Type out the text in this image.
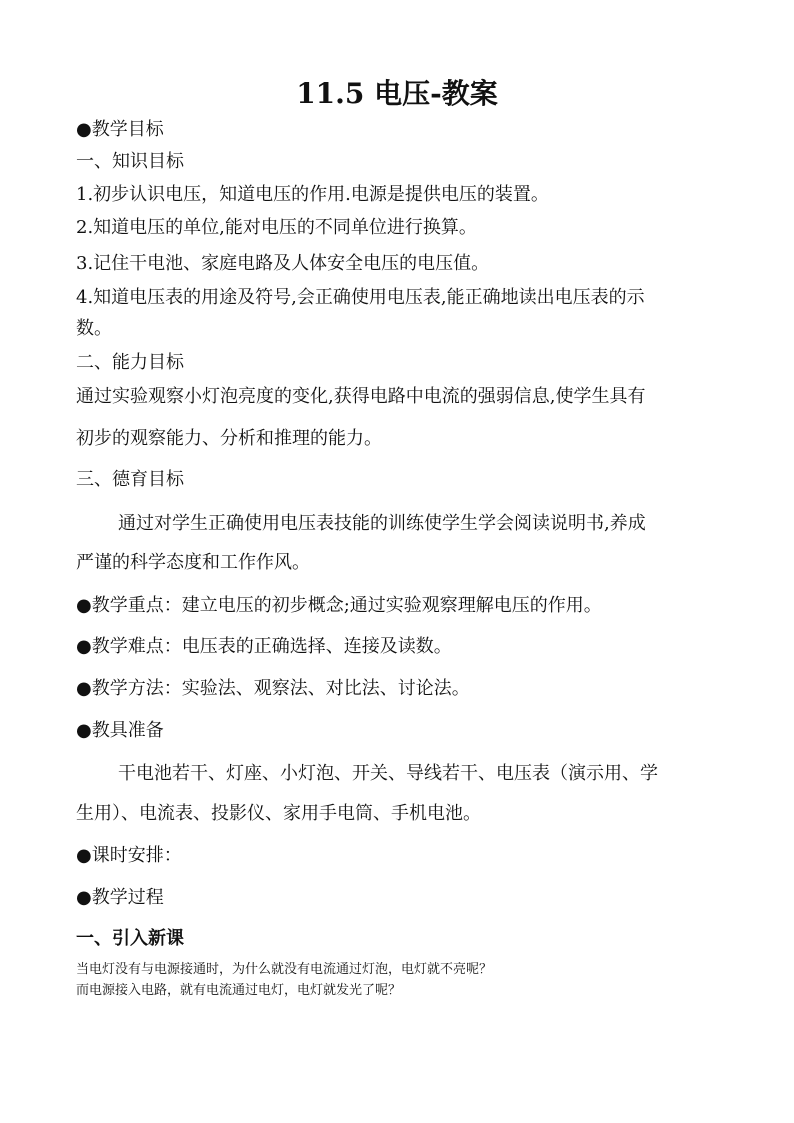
11.5 电压-教案
●教学目标
一、知识目标
1.初步认识电压，知道电压的作用.电源是提供电压的装置。
2.知道电压的单位,能对电压的不同单位进行换算。
3.记住干电池、家庭电路及人体安全电压的电压值。
4.知道电压表的用途及符号,会正确使用电压表,能正确地读出电压表的示
数。
二、能力目标
通过实验观察小灯泡亮度的变化,获得电路中电流的强弱信息,使学生具有
初步的观察能力、分析和推理的能力。
三、德育目标
通过对学生正确使用电压表技能的训练使学生学会阅读说明书,养成
严谨的科学态度和工作作风。
●教学重点：建立电压的初步概念;通过实验观察理解电压的作用。
●教学难点：电压表的正确选择、连接及读数。
●教学方法：实验法、观察法、对比法、讨论法。
●教具准备
干电池若干、灯座、小灯泡、开关、导线若干、电压表（演示用、学
生用）、电流表、投影仪、家用手电筒、手机电池。
●课时安排：
●教学过程
一、引入新课
当电灯没有与电源接通时，为什么就没有电流通过灯泡，电灯就不亮呢？
而电源接入电路，就有电流通过电灯，电灯就发光了呢？
